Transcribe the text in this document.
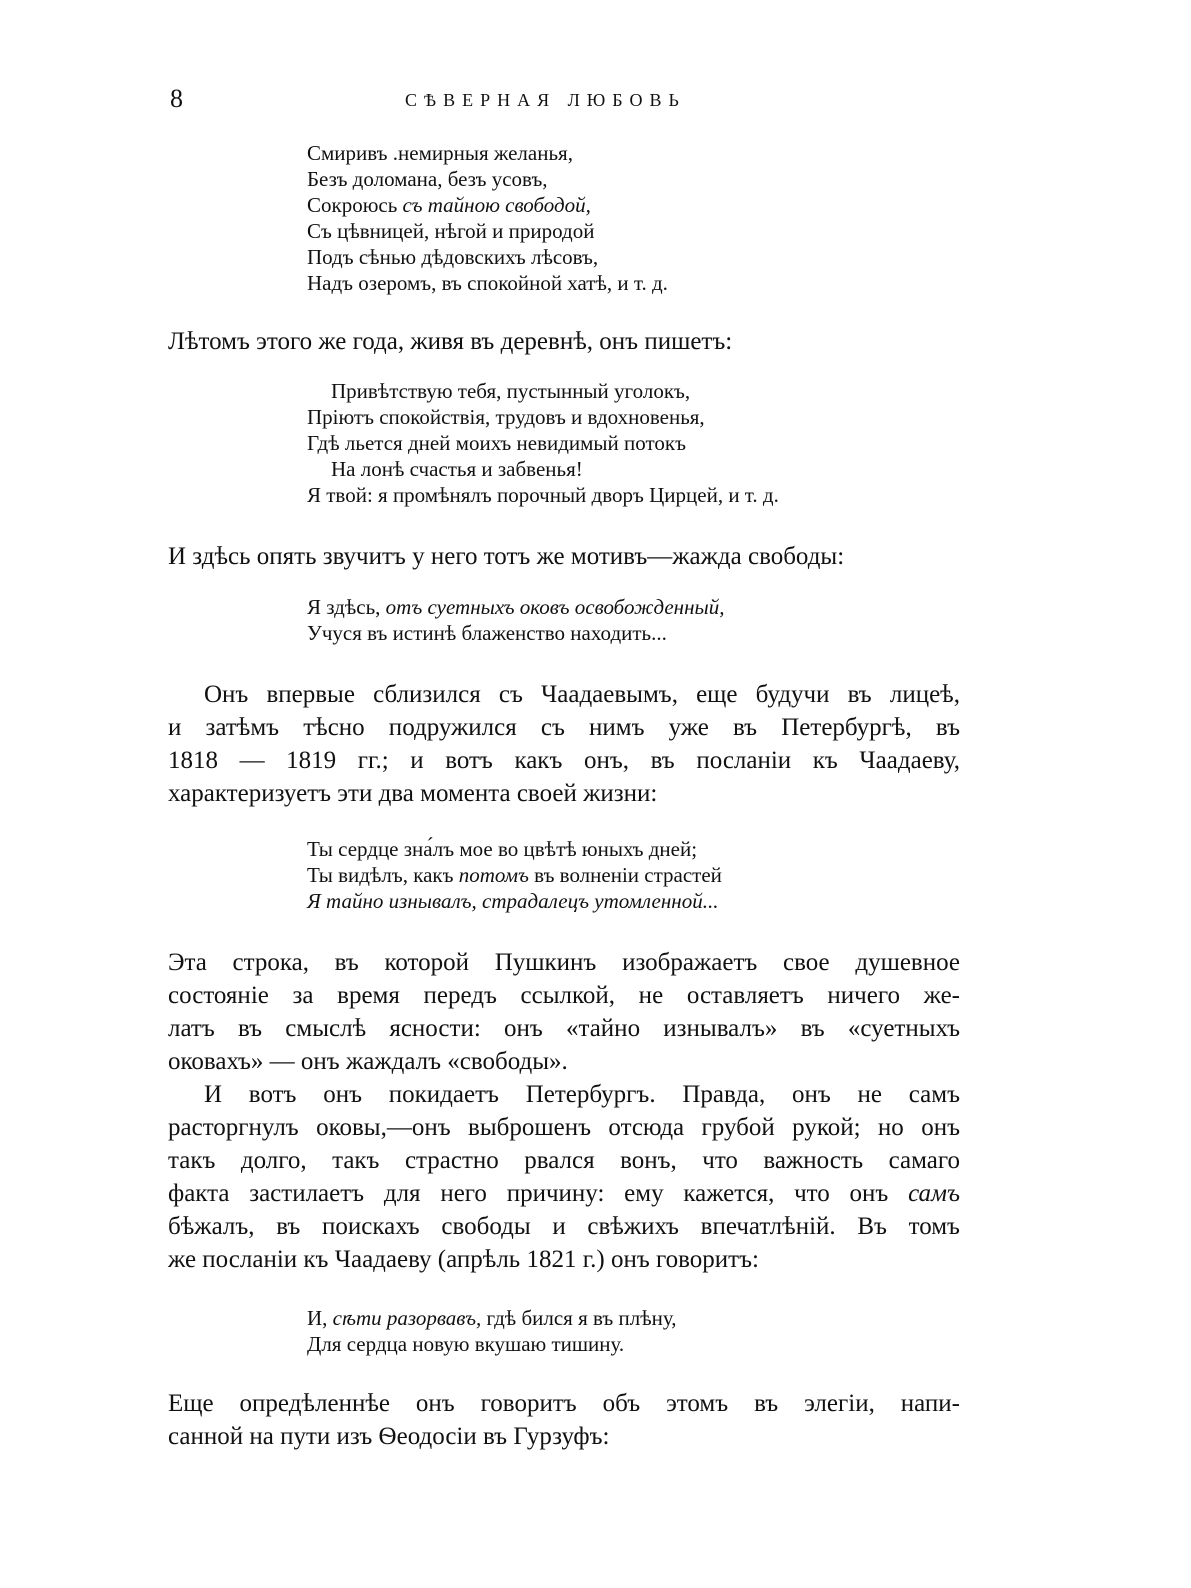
8	СѢВЕРНАЯ ЛЮБОВЬ
Смиривъ .немирныя желанья,
Безъ доломана, безъ усовъ,
Сокроюсь съ тайною свободой,
Съ цѣвницей, нѣгой и природой
Подъ сѣнью дѣдовскихъ лѣсовъ,
Надъ озеромъ, въ спокойной хатѣ, и т. д.
Лѣтомъ этого же года, живя въ деревнѣ, онъ пишетъ:
Привѣтствую тебя, пустынный уголокъ,
Пріютъ спокойствія, трудовъ и вдохновенья,
Гдѣ льется дней моихъ невидимый потокъ
На лонѣ счастья и забвенья!
Я твой: я промѣнялъ порочный дворъ Цирцей, и т. д.
И здѣсь опять звучитъ у него тотъ же мотивъ—жажда свободы:
Я здѣсь, отъ суетныхъ оковъ освобожденный,
Учуся въ истинѣ блаженство находить...
Онъ впервые сблизился съ Чаадаевымъ, еще будучи въ лицеѣ,
и затѣмъ тѣсно подружился съ нимъ уже въ Петербургѣ, въ
1818 — 1819 гг.; и вотъ какъ онъ, въ посланіи къ Чаадаеву,
характеризуетъ эти два момента своей жизни:
Ты сердце зна́лъ мое во цвѣтѣ юныхъ дней;
Ты видѣлъ, какъ потомъ въ волненіи страстей
Я тайно изнывалъ, страдалецъ утомленной...
Эта строка, въ которой Пушкинъ изображаетъ свое душевное
состояніе за время передъ ссылкой, не оставляетъ ничего же-
латъ въ смыслѣ ясности: онъ «тайно изнывалъ» въ «суетныхъ
оковахъ» — онъ жаждалъ «свободы».
И вотъ онъ покидаетъ Петербургъ. Правда, онъ не самъ
расторгнулъ оковы,—онъ выброшенъ отсюда грубой рукой; но онъ
такъ долго, такъ страстно рвался вонъ, что важность самаго
факта застилаетъ для него причину: ему кажется, что онъ самъ
бѣжалъ, въ поискахъ свободы и свѣжихъ впечатлѣній. Въ томъ
же посланіи къ Чаадаеву (апрѣль 1821 г.) онъ говоритъ:
И, сѣти разорвавъ, гдѣ бился я въ плѣну,
Для сердца новую вкушаю тишину.
Еще опредѣленнѣе онъ говоритъ объ этомъ въ элегіи, напи-
санной на пути изъ Ѳеодосіи въ Гурзуфъ:
